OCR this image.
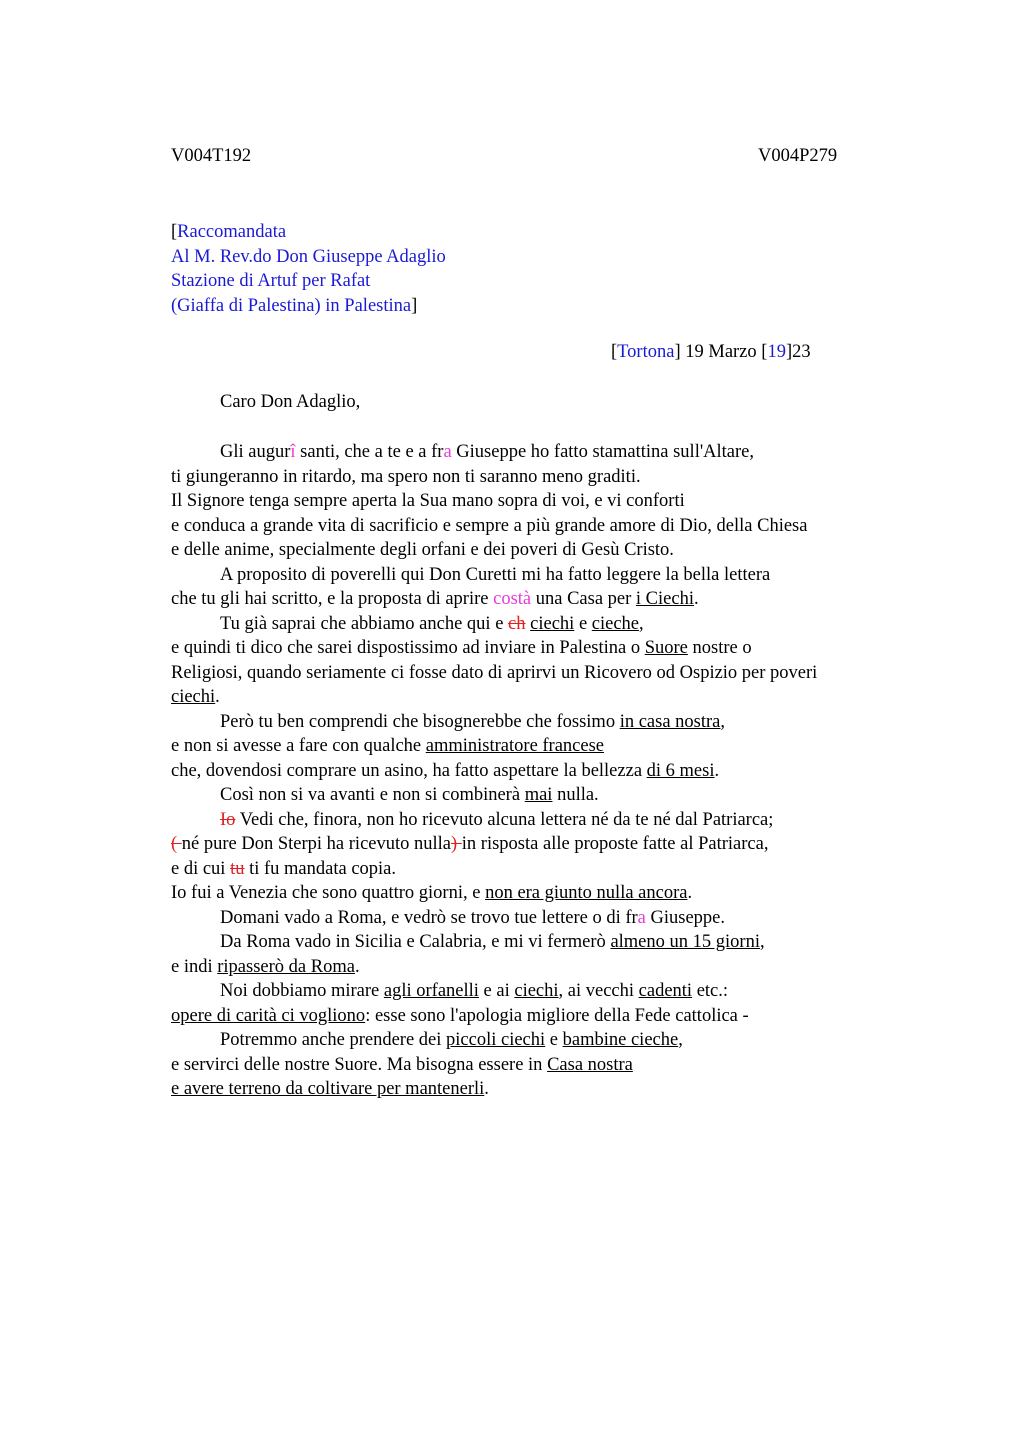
V004T192	V004P279
[Raccomandata
Al M. Rev.do Don Giuseppe Adaglio
Stazione di Artuf per Rafat
(Giaffa di Palestina) in Palestina]
[Tortona] 19 Marzo [19]23
Caro Don Adaglio,
Gli augurî santi, che a te e a fra Giuseppe ho fatto stamattina sull'Altare,
ti giungeranno in ritardo, ma spero non ti saranno meno graditi.
Il Signore tenga sempre aperta la Sua mano sopra di voi, e vi conforti
e conduca a grande vita di sacrificio e sempre a più grande amore di Dio, della Chiesa
e delle anime, specialmente degli orfani e dei poveri di Gesù Cristo.
A proposito di poverelli qui Don Curetti mi ha fatto leggere la bella lettera
che tu gli hai scritto, e la proposta di aprire costà una Casa per i Ciechi.
Tu già saprai che abbiamo anche qui e ch ciechi e cieche,
e quindi ti dico che sarei dispostissimo ad inviare in Palestina o Suore nostre o
Religiosi, quando seriamente ci fosse dato di aprirvi un Ricovero od Ospizio per poveri
ciechi.
Però tu ben comprendi che bisognerebbe che fossimo in casa nostra,
e non si avesse a fare con qualche amministratore francese
che, dovendosi comprare un asino, ha fatto aspettare la bellezza di 6 mesi.
Così non si va avanti e non si combinerà mai nulla.
Io Vedi che, finora, non ho ricevuto alcuna lettera né da te né dal Patriarca;
( né pure Don Sterpi ha ricevuto nulla) in risposta alle proposte fatte al Patriarca,
e di cui tu ti fu mandata copia.
Io fui a Venezia che sono quattro giorni, e non era giunto nulla ancora.
Domani vado a Roma, e vedrò se trovo tue lettere o di fra Giuseppe.
Da Roma vado in Sicilia e Calabria, e mi vi fermerò almeno un 15 giorni,
e indi ripasserò da Roma.
Noi dobbiamo mirare agli orfanelli e ai ciechi, ai vecchi cadenti etc.:
opere di carità ci vogliono: esse sono l'apologia migliore della Fede cattolica -
Potremmo anche prendere dei piccoli ciechi e bambine cieche,
e servirci delle nostre Suore. Ma bisogna essere in Casa nostra
e avere terreno da coltivare per mantenerli.
